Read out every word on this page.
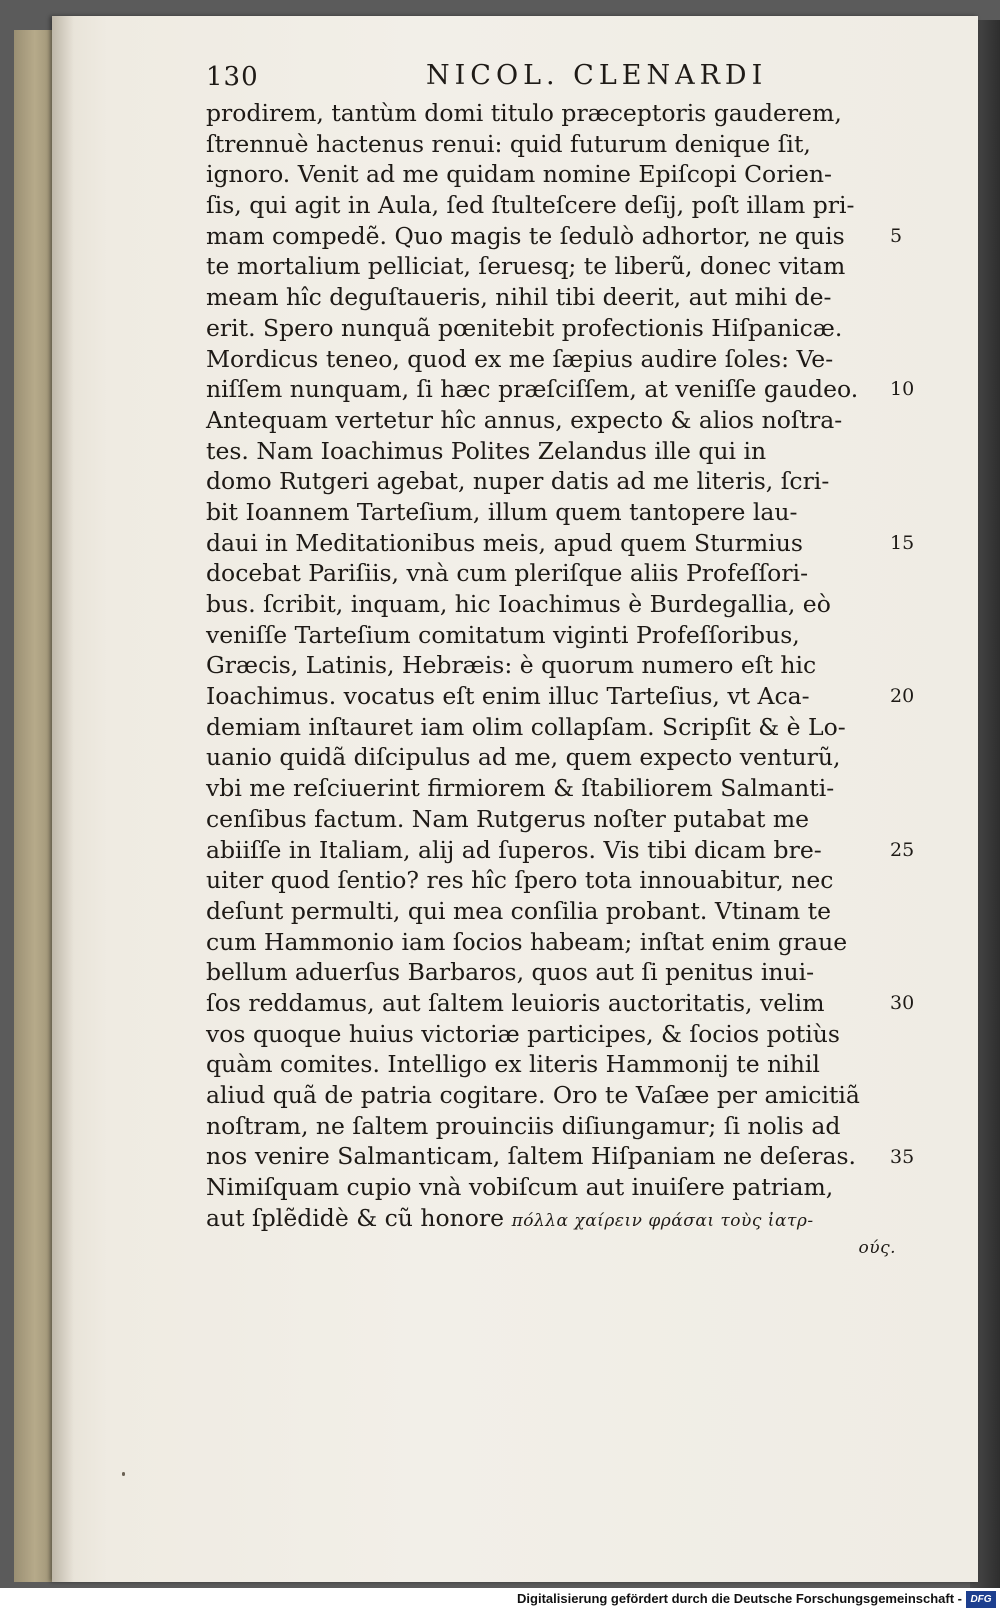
130	NICOL. CLENARDI
prodirem, tantùm domi titulo præceptoris gauderem,
ſtrennuè hactenus renui: quid futurum denique ſit,
ignoro. Venit ad me quidam nomine Epiſcopi Corien-
ſis, qui agit in Aula, ſed ſtulteſcere deſij, poſt illam pri-
mam compedẽ. Quo magis te ſedulò adhortor, ne quis
te mortalium pelliciat, ſeruesq; te liberũ, donec vitam
meam hîc deguſtaueris, nihil tibi deerit, aut mihi de-
erit. Spero nunquã pœnitebit profectionis Hiſpanicæ.
Mordicus teneo, quod ex me ſæpius audire ſoles: Ve-
niſſem nunquam, ſi hæc præſciſſem, at veniſſe gaudeo.
Antequam vertetur hîc annus, expecto & alios noſtra-
tes. Nam Ioachimus Polites Zelandus ille qui in
domo Rutgeri agebat, nuper datis ad me literis, ſcri-
bit Ioannem Tarteſium, illum quem tantopere lau-
daui in Meditationibus meis, apud quem Sturmius
docebat Pariſiis, vnà cum pleriſque aliis Profeſſori-
bus. ſcribit, inquam, hic Ioachimus è Burdegallia, eò
veniſſe Tarteſium comitatum viginti Profeſſoribus,
Græcis, Latinis, Hebræis: è quorum numero eſt hic
Ioachimus. vocatus eſt enim illuc Tarteſius, vt Aca-
demiam inſtauret iam olim collapſam. Scripſit & è Lo-
uanio quidã diſcipulus ad me, quem expecto venturũ,
vbi me reſciuerint firmiorem & ſtabiliorem Salmanti-
cenſibus factum. Nam Rutgerus noſter putabat me
abiiſſe in Italiam, alij ad ſuperos. Vis tibi dicam bre-
uiter quod ſentio? res hîc ſpero tota innouabitur, nec
deſunt permulti, qui mea conſilia probant. Vtinam te
cum Hammonio iam ſocios habeam; inſtat enim graue
bellum aduerſus Barbaros, quos aut ſi penitus inui-
ſos reddamus, aut ſaltem leuioris auctoritatis, velim
vos quoque huius victoriæ participes, & ſocios potiùs
quàm comites. Intelligo ex literis Hammonij te nihil
aliud quã de patria cogitare. Oro te Vaſæe per amicitiã
noſtram, ne ſaltem prouinciis diſiungamur; ſi nolis ad
nos venire Salmanticam, ſaltem Hiſpaniam ne deſeras.
Nimiſquam cupio vnà vobiſcum aut inuiſere patriam,
aut ſplẽdidè & cũ honore πόλλα χαίρειν φράσαι τοὺς ἰατρ-
ούς.
5
10
15
20
25
30
35
Digitalisierung gefördert durch die Deutsche Forschungsgemeinschaft - DFG
